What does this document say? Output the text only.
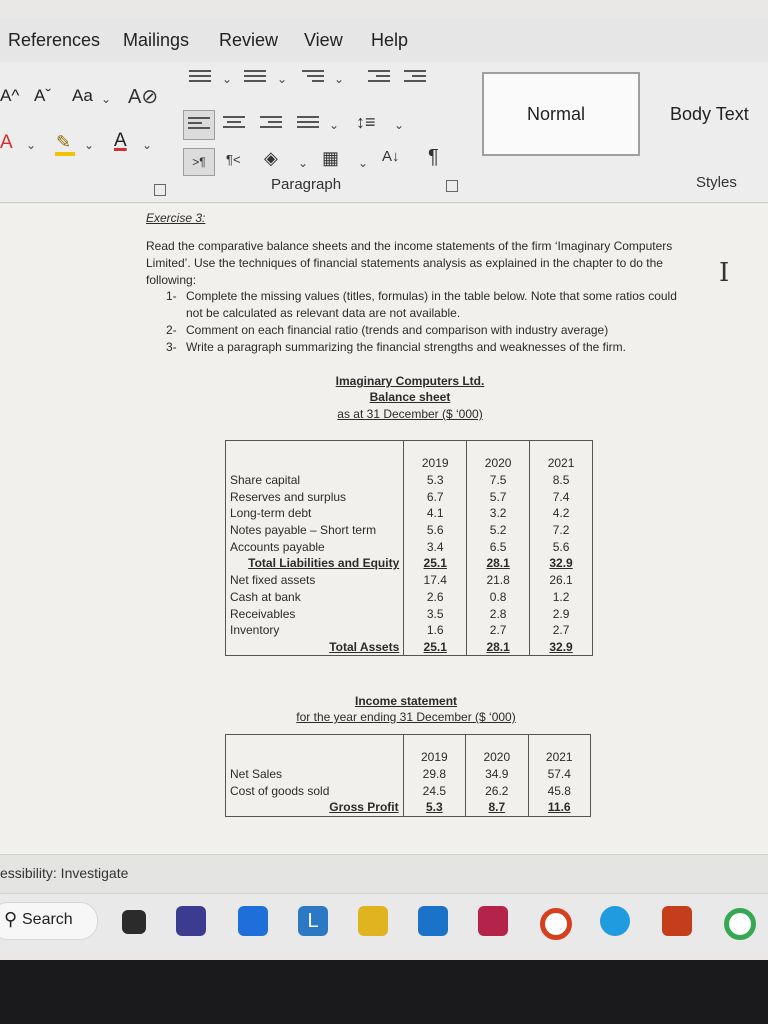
References Mailings Review View Help
A^ Aˇ Aa ⌄ A⊘
A ⌄ ✎ ⌄ A ⌄
⌄	⌄	⌄
⌄ ↕≡ ⌄
>¶	¶< ◈ ⌄ ▦ ⌄ A↓ ¶
Normal	Body Text
Paragraph	Styles
Exercise 3:
Read the comparative balance sheets and the income statements of the firm ‘Imaginary Computers Limited’. Use the techniques of financial statements analysis as explained in the chapter to do the following:
1- Complete the missing values (titles, formulas) in the table below. Note that some ratios could not be calculated as relevant data are not available.
2- Comment on each financial ratio (trends and comparison with industry average)
3- Write a paragraph summarizing the financial strengths and weaknesses of the firm.
Imaginary Computers Ltd.
Balance sheet
as at 31 December ($ ‘000)
	2019	2020	2021
Share capital	5.3	7.5	8.5
Reserves and surplus	6.7	5.7	7.4
Long-term debt	4.1	3.2	4.2
Notes payable – Short term	5.6	5.2	7.2
Accounts payable	3.4	6.5	5.6
Total Liabilities and Equity	25.1	28.1	32.9
Net fixed assets	17.4	21.8	26.1
Cash at bank	2.6	0.8	1.2
Receivables	3.5	2.8	2.9
Inventory	1.6	2.7	2.7
Total Assets	25.1	28.1	32.9
Income statement
for the year ending 31 December ($ ‘000)
	2019	2020	2021
Net Sales	29.8	34.9	57.4
Cost of goods sold	24.5	26.2	45.8
Gross Profit	5.3	8.7	11.6
I
essibility: Investigate
⚲ Search	L
